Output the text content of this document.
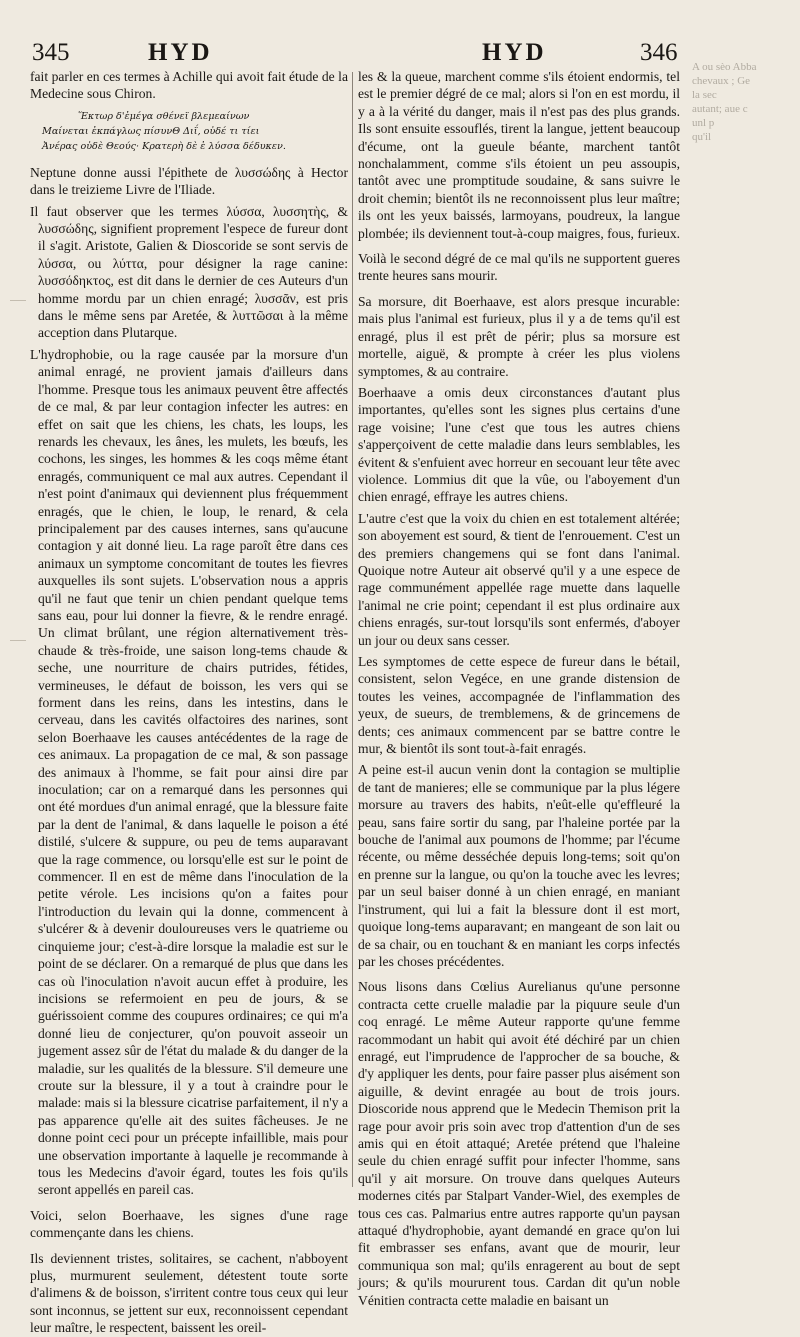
345	HYD	HYD	346
A ou sèo Abba
chevaux ; Ge
la sec
autant; aue c
unl p
qu'il

fait parler en ces termes à Achille qui avoit fait étude de la Medecine sous Chiron.

Ἕκτωρ δ'ἐμέγα σθένεϊ βλεμεαίνων
Μαίνεται ἐκπάγλως πίσυνΘ Διΐ, οὐδέ τι τίει
Ἀνέρας οὐδὲ Θεούς· Κρατερὴ δὲ ἑ λύσσα δέδυκεν.

Neptune donne aussi l'épithete de λυσσώδης à Hector dans le treizieme Livre de l'Iliade.

Il faut observer que les termes λύσσα, λυσσητὴς, & λυσσώδης, signifient proprement l'espece de fureur dont il s'agit. Aristote, Galien & Dioscoride se sont servis de λύσσα, ou λύττα, pour désigner la rage canine: λυσσόδηκτος, est dit dans le dernier de ces Auteurs d'un homme mordu par un chien enragé; λυσσᾶν, est pris dans le même sens par Aretée, & λυττῶσαι à la même acception dans Plutarque.

L'hydrophobie, ou la rage causée par la morsure d'un animal enragé, ne provient jamais d'ailleurs dans l'homme. Presque tous les animaux peuvent être affectés de ce mal, & par leur contagion infecter les autres: en effet on sait que les chiens, les chats, les loups, les renards les chevaux, les ânes, les mulets, les bœufs, les cochons, les singes, les hommes & les coqs même étant enragés, communiquent ce mal aux autres. Cependant il n'est point d'animaux qui deviennent plus fréquemment enragés, que le chien, le loup, le renard, & cela principalement par des causes internes, sans qu'aucune contagion y ait donné lieu. La rage paroît être dans ces animaux un symptome concomitant de toutes les fievres auxquelles ils sont sujets. L'observation nous a appris qu'il ne faut que tenir un chien pendant quelque tems sans eau, pour lui donner la fievre, & le rendre enragé. Un climat brûlant, une région alternativement très-chaude & très-froide, une saison long-tems chaude & seche, une nourriture de chairs putrides, fétides, vermineuses, le défaut de boisson, les vers qui se forment dans les reins, dans les intestins, dans le cerveau, dans les cavités olfactoires des narines, sont selon Boerhaave les causes antécédentes de la rage de ces animaux. La propagation de ce mal, & son passage des animaux à l'homme, se fait pour ainsi dire par inoculation; car on a remarqué dans les personnes qui ont été mordues d'un animal enragé, que la blessure faite par la dent de l'animal, & dans laquelle le poison a été distilé, s'ulcere & suppure, ou peu de tems auparavant que la rage commence, ou lorsqu'elle est sur le point de commencer. Il en est de même dans l'inoculation de la petite vérole. Les incisions qu'on a faites pour l'introduction du levain qui la donne, commencent à s'ulcérer & à devenir douloureuses vers le quatrieme ou cinquieme jour; c'est-à-dire lorsque la maladie est sur le point de se déclarer. On a remarqué de plus que dans les cas où l'inoculation n'avoit aucun effet à produire, les incisions se refermoient en peu de jours, & se guérissoient comme des coupures ordinaires; ce qui m'a donné lieu de conjecturer, qu'on pouvoit asseoir un jugement assez sûr de l'état du malade & du danger de la maladie, sur les qualités de la blessure. S'il demeure une croute sur la blessure, il y a tout à craindre pour le malade: mais si la blessure cicatrise parfaitement, il n'y a pas apparence qu'elle ait des suites fâcheuses. Je ne donne point ceci pour un précepte infaillible, mais pour une observation importante à laquelle je recommande à tous les Medecins d'avoir égard, toutes les fois qu'ils seront appellés en pareil cas.

Voici, selon Boerhaave, les signes d'une rage commençante dans les chiens.

Ils deviennent tristes, solitaires, se cachent, n'abboyent plus, murmurent seulement, détestent toute sorte d'alimens & de boisson, s'irritent contre tous ceux qui leur sont inconnus, se jettent sur eux, reconnoissent cependant leur maître, le respectent, baissent les oreil-

les & la queue, marchent comme s'ils étoient endormis, tel est le premier dégré de ce mal; alors si l'on en est mordu, il y a à la vérité du danger, mais il n'est pas des plus grands. Ils sont ensuite essouflés, tirent la langue, jettent beaucoup d'écume, ont la gueule béante, marchent tantôt nonchalamment, comme s'ils étoient un peu assoupis, tantôt avec une promptitude soudaine, & sans suivre le droit chemin; bientôt ils ne reconnoissent plus leur maître; ils ont les yeux baissés, larmoyans, poudreux, la langue plombée; ils deviennent tout-à-coup maigres, fous, furieux.

Voilà le second dégré de ce mal qu'ils ne supportent gueres trente heures sans mourir.

Sa morsure, dit Boerhaave, est alors presque incurable: mais plus l'animal est furieux, plus il y a de tems qu'il est enragé, plus il est prêt de périr; plus sa morsure est mortelle, aiguë, & prompte à créer les plus violens symptomes, & au contraire.

Boerhaave a omis deux circonstances d'autant plus importantes, qu'elles sont les signes plus certains d'une rage voisine; l'une c'est que tous les autres chiens s'apperçoivent de cette maladie dans leurs semblables, les évitent & s'enfuient avec horreur en secouant leur tête avec violence. Lommius dit que la vûe, ou l'aboyement d'un chien enragé, effraye les autres chiens.

L'autre c'est que la voix du chien en est totalement altérée; son aboyement est sourd, & tient de l'enrouement. C'est un des premiers changemens qui se font dans l'animal. Quoique notre Auteur ait observé qu'il y a une espece de rage communément appellée rage muette dans laquelle l'animal ne crie point; cependant il est plus ordinaire aux chiens enragés, sur-tout lorsqu'ils sont enfermés, d'aboyer un jour ou deux sans cesser.

Les symptomes de cette espece de fureur dans le bétail, consistent, selon Vegéce, en une grande distension de toutes les veines, accompagnée de l'inflammation des yeux, de sueurs, de tremblemens, & de grincemens de dents; ces animaux commencent par se battre contre le mur, & bientôt ils sont tout-à-fait enragés.

A peine est-il aucun venin dont la contagion se multiplie de tant de manieres; elle se communique par la plus légere morsure au travers des habits, n'eût-elle qu'effleuré la peau, sans faire sortir du sang, par l'haleine portée par la bouche de l'animal aux poumons de l'homme; par l'écume récente, ou même desséchée depuis long-tems; soit qu'on en prenne sur la langue, ou qu'on la touche avec les levres; par un seul baiser donné à un chien enragé, en maniant l'instrument, qui lui a fait la blessure dont il est mort, quoique long-tems auparavant; en mangeant de son lait ou de sa chair, ou en touchant & en maniant les corps infectés par les choses précédentes.

Nous lisons dans Cœlius Aurelianus qu'une personne contracta cette cruelle maladie par la piquure seule d'un coq enragé. Le même Auteur rapporte qu'une femme racommodant un habit qui avoit été déchiré par un chien enragé, eut l'imprudence de l'approcher de sa bouche, & d'y appliquer les dents, pour faire passer plus aisément son aiguille, & devint enragée au bout de trois jours. Dioscoride nous apprend que le Medecin Themison prit la rage pour avoir pris soin avec trop d'attention d'un de ses amis qui en étoit attaqué; Aretée prétend que l'haleine seule du chien enragé suffit pour infecter l'homme, sans qu'il y ait morsure. On trouve dans quelques Auteurs modernes cités par Stalpart Vander-Wiel, des exemples de tous ces cas. Palmarius entre autres rapporte qu'un paysan attaqué d'hydrophobie, ayant demandé en grace qu'on lui fit embrasser ses enfans, avant que de mourir, leur communiqua son mal; qu'ils enragerent au bout de sept jours; & qu'ils moururent tous. Cardan dit qu'un noble Vénitien contracta cette maladie en baisant un
